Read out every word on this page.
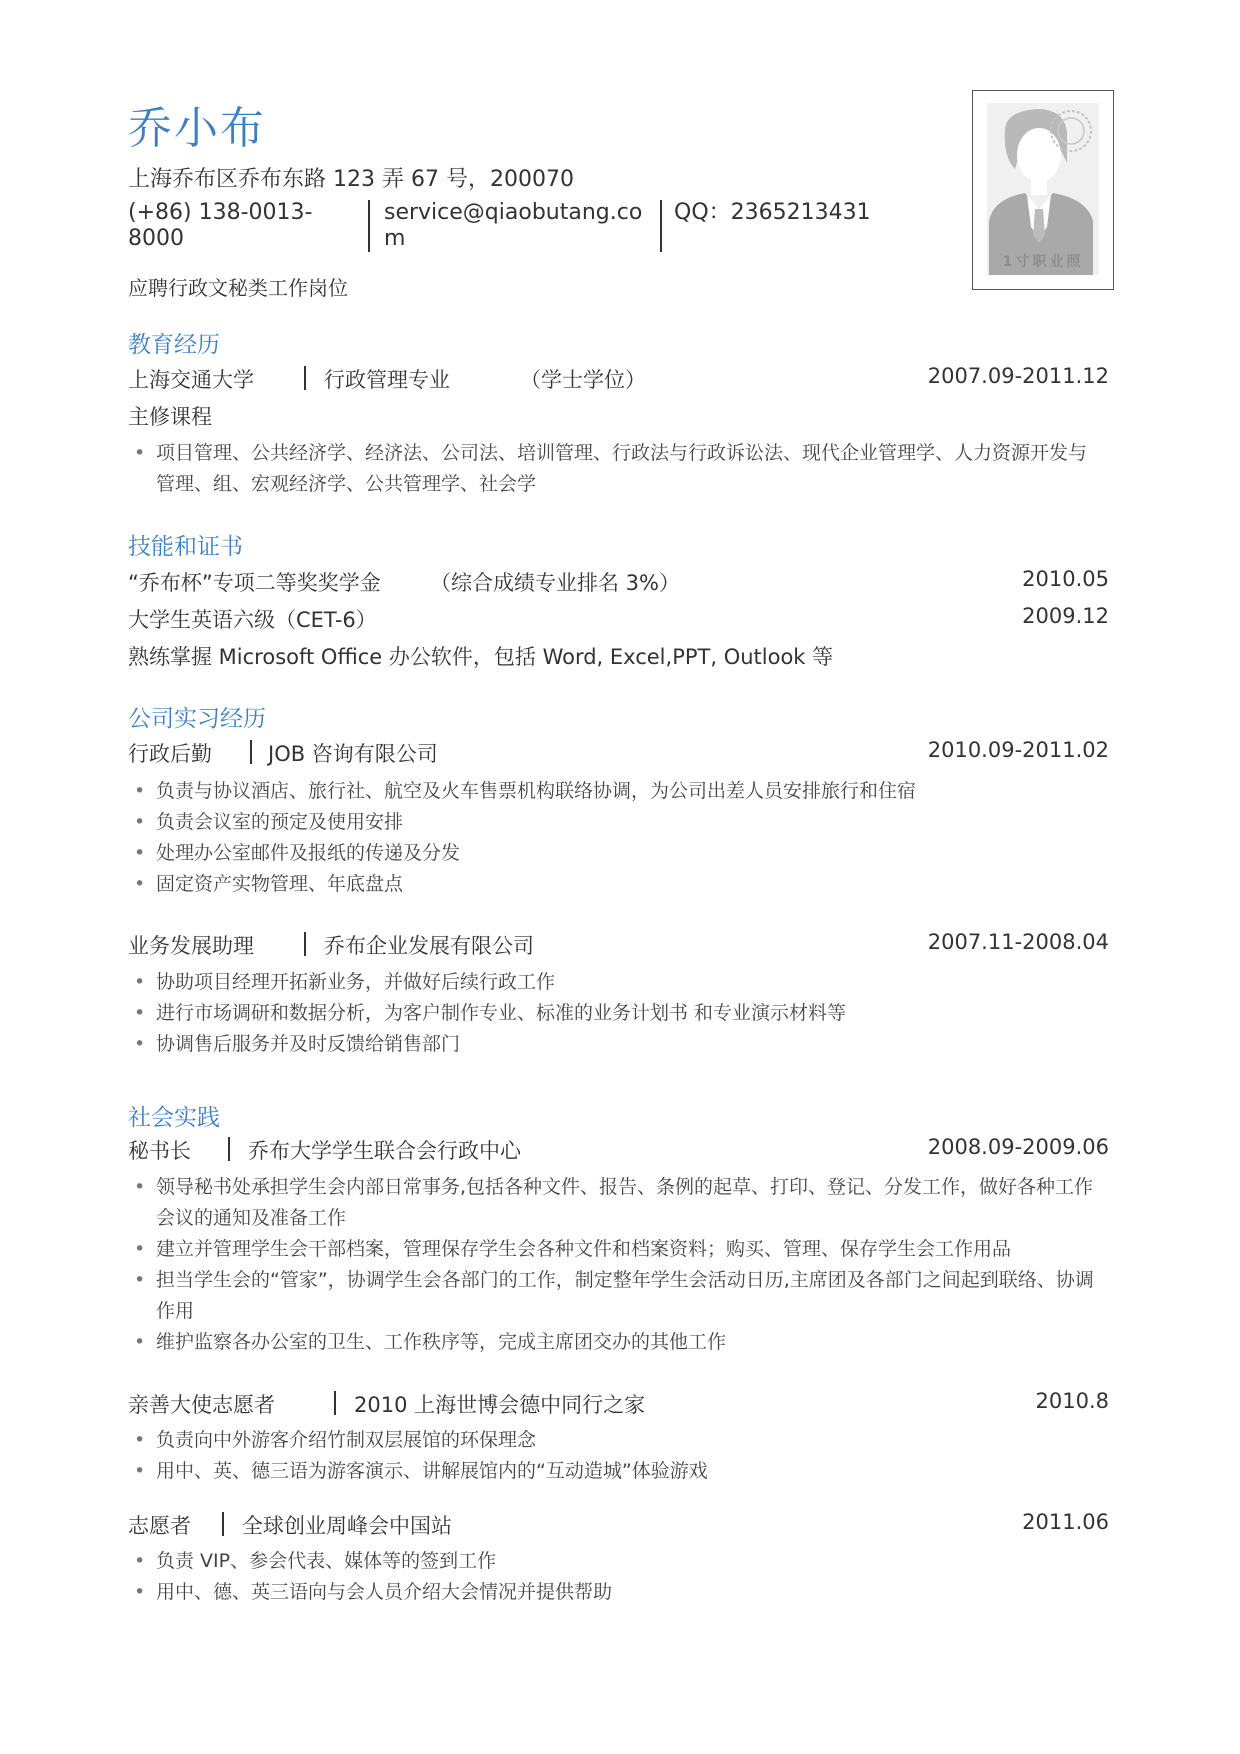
乔小布
上海乔布区乔布东路 123 弄 67 号，200070
(+86) 138-0013-8000
service@qiaobutang.com
QQ：2365213431
应聘行政文秘类工作岗位
教育经历
上海交通大学	行政管理专业	（学士学位）	2007.09-2011.12
主修课程
• 项目管理、公共经济学、经济法、公司法、培训管理、行政法与行政诉讼法、现代企业管理学、人力资源开发与管理、组、宏观经济学、公共管理学、社会学
技能和证书
“乔布杯”专项二等奖奖学金 （综合成绩专业排名 3%）	2010.05
大学生英语六级（CET-6）	2009.12
熟练掌握 Microsoft Office 办公软件，包括 Word, Excel,PPT, Outlook 等
公司实习经历
行政后勤	JOB 咨询有限公司	2010.09-2011.02
• 负责与协议酒店、旅行社、航空及火车售票机构联络协调，为公司出差人员安排旅行和住宿
• 负责会议室的预定及使用安排
• 处理办公室邮件及报纸的传递及分发
• 固定资产实物管理、年底盘点
业务发展助理	乔布企业发展有限公司	2007.11-2008.04
• 协助项目经理开拓新业务，并做好后续行政工作
• 进行市场调研和数据分析，为客户制作专业、标准的业务计划书 和专业演示材料等
• 协调售后服务并及时反馈给销售部门
社会实践
秘书长	乔布大学学生联合会行政中心	2008.09-2009.06
• 领导秘书处承担学生会内部日常事务,包括各种文件、报告、条例的起草、打印、登记、分发工作，做好各种工作会议的通知及准备工作
• 建立并管理学生会干部档案，管理保存学生会各种文件和档案资料；购买、管理、保存学生会工作用品
• 担当学生会的“管家”，协调学生会各部门的工作，制定整年学生会活动日历,主席团及各部门之间起到联络、协调作用
• 维护监察各办公室的卫生、工作秩序等，完成主席团交办的其他工作
亲善大使志愿者	2010 上海世博会德中同行之家	2010.8
• 负责向中外游客介绍竹制双层展馆的环保理念
• 用中、英、德三语为游客演示、讲解展馆内的“互动造城”体验游戏
志愿者 全球创业周峰会中国站	2011.06
• 负责 VIP、参会代表、媒体等的签到工作
• 用中、德、英三语向与会人员介绍大会情况并提供帮助
1寸职业照
